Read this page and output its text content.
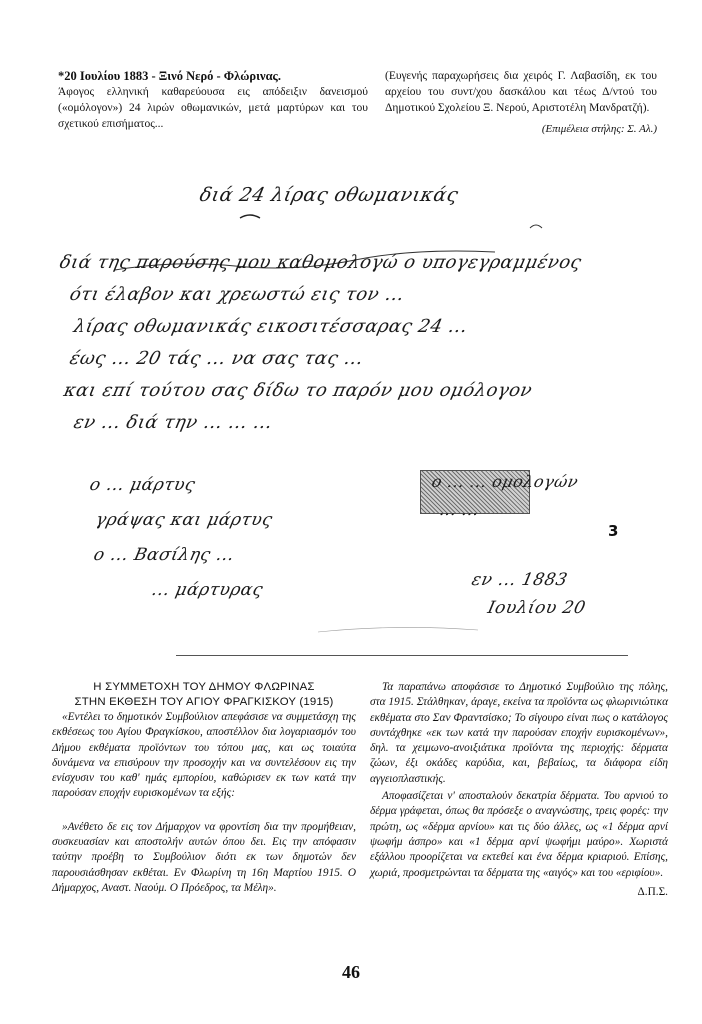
*20 Ιουλίου 1883 - Ξινό Νερό - Φλώρινας.
Άφογος ελληνική καθαρεύουσα εις απόδειξιν δανεισμού («ομόλογον») 24 λιρών οθωμανικών, μετά μαρτύρων και του σχετικού επισήματος...
(Ευγενής παραχωρήσεις δια χειρός Γ. Λαβασίδη, εκ του αρχείου του συντ/χου δασκάλου και τέως Δ/ντού του Δημοτικού Σχολείου Ξ. Νερού, Αριστοτέλη Μανδρατζή).
(Επιμέλεια στήλης: Σ. Αλ.)
διά 24 λίρας οθωμανικάς
διά της παρούσης μου καθομολογώ ο υπογεγραμμένος
ότι έλαβον και χρεωστώ εις τον ...
λίρας οθωμανικάς εικοσιτέσσαρας 24 ...
έως ... 20 τάς ... να σας τας ...
και επί τούτου σας δίδω το παρόν μου ομόλογον
εν ... διά την ... ... ...
ο ... μάρτυς
γράψας και μάρτυς
ο ... Βασίλης ...
... μάρτυρας
ο ... ... ομολογών
... ...
3
εν ... 1883
Ιουλίου 20
Η ΣΥΜΜΕΤΟΧΗ ΤΟΥ ΔΗΜΟΥ ΦΛΩΡΙΝΑΣ
ΣΤΗΝ ΕΚΘΕΣΗ ΤΟΥ ΑΓΙΟΥ ΦΡΑΓΚΙΣΚΟΥ (1915)

«Εντέλει το δημοτικόν Συμβούλιον απεφάσισε να συμμετάσχη της εκθέσεως του Αγίου Φραγκίσκου, αποστέλλον δια λογαριασμόν του Δήμου εκθέματα προϊόντων του τόπου μας, και ως τοιαύτα δυνάμενα να επισύρουν την προσοχήν και να συντελέσουν εις την ενίσχυσιν του καθ' ημάς εμπορίου, καθώρισεν εκ των κατά την παρούσαν εποχήν ευρισκομένων τα εξής:

»Ανέθετο δε εις τον Δήμαρχον να φροντίση δια την προμήθειαν, συσκευασίαν και αποστολήν αυτών όπου δει. Εις την απόφασιν ταύτην προέβη το Συμβούλιον διότι εκ των δημοτών δεν παρουσιάσθησαν εκθέται. Εν Φλωρίνη τη 16η Μαρτίου 1915. Ο Δήμαρχος, Αναστ. Ναούμ. Ο Πρόεδρος, τα Μέλη».

Τα παραπάνω αποφάσισε το Δημοτικό Συμβούλιο της πόλης, στα 1915. Στάλθηκαν, άραγε, εκείνα τα προϊόντα ως φλωρινιώτικα εκθέματα στο Σαν Φραντσίσκο; Το σίγουρο είναι πως ο κατάλογος συντάχθηκε «εκ των κατά την παρούσαν εποχήν ευρισκομένων», δηλ. τα χειμωνο-ανοιξιάτικα προϊόντα της περιοχής: δέρματα ζώων, έξι οκάδες καρύδια, και, βεβαίως, τα διάφορα είδη αγγειοπλαστικής.

Αποφασίζεται ν' αποσταλούν δεκατρία δέρματα. Του αρνιού το δέρμα γράφεται, όπως θα πρόσεξε ο αναγνώστης, τρεις φορές: την πρώτη, ως «δέρμα αρνίου» και τις δύο άλλες, ως «1 δέρμα αρνί ψωφήμ άσπρο» και «1 δέρμα αρνί ψωφήμι μαύρο». Χωριστά εξάλλου προορίζεται να εκτεθεί και ένα δέρμα κριαριού. Επίσης, χωριά, προσμετρώνται τα δέρματα της «αιγός» και του «εριφίου».

Δ.Π.Σ.
46
